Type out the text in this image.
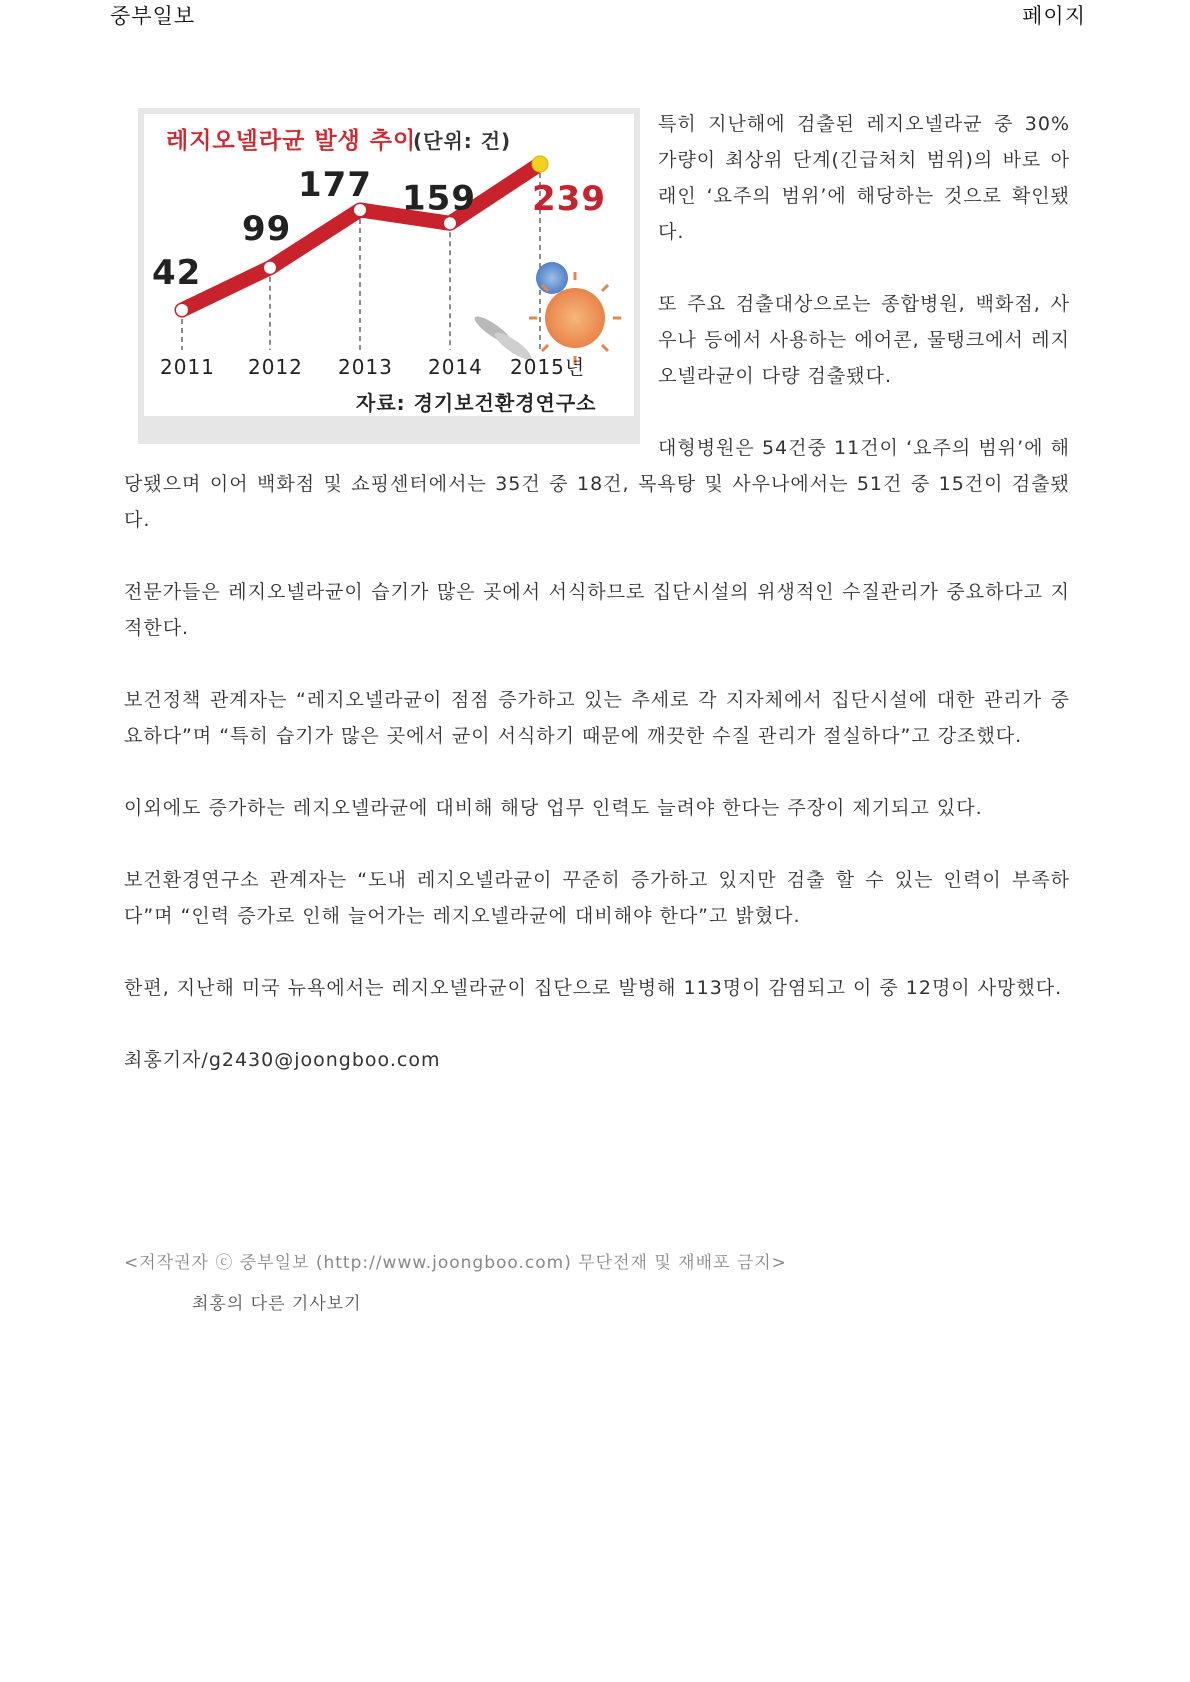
중부일보	페이지
레지오넬라균 발생 추이
(단위: 건)
42
99
177 159 239
2011 2012 2013 2014 2015년
자료: 경기보건환경연구소

특히 지난해에 검출된 레지오넬라균 중 30% 가량이 최상위 단계(긴급처치 범위)의 바로 아래인 ‘요주의 범위’에 해당하는 것으로 확인됐다.

또 주요 검출대상으로는 종합병원, 백화점, 사우나 등에서 사용하는 에어콘, 물탱크에서 레지오넬라균이 다량 검출됐다.

대형병원은 54건중 11건이 ‘요주의 범위’에 해당됐으며 이어 백화점 및 쇼핑센터에서는 35건 중 18건, 목욕탕 및 사우나에서는 51건 중 15건이 검출됐다.

전문가들은 레지오넬라균이 습기가 많은 곳에서 서식하므로 집단시설의 위생적인 수질관리가 중요하다고 지적한다.

보건정책 관계자는 “레지오넬라균이 점점 증가하고 있는 추세로 각 지자체에서 집단시설에 대한 관리가 중요하다”며 “특히 습기가 많은 곳에서 균이 서식하기 때문에 깨끗한 수질 관리가 절실하다”고 강조했다.

이외에도 증가하는 레지오넬라균에 대비해 해당 업무 인력도 늘려야 한다는 주장이 제기되고 있다.

보건환경연구소 관계자는 “도내 레지오넬라균이 꾸준히 증가하고 있지만 검출 할 수 있는 인력이 부족하다”며 “인력 증가로 인해 늘어가는 레지오넬라균에 대비해야 한다”고 밝혔다.

한편, 지난해 미국 뉴욕에서는 레지오넬라균이 집단으로 발병해 113명이 감염되고 이 중 12명이 사망했다.

최홍기자/g2430@joongboo.com

<저작권자 ⓒ 중부일보 (http://www.joongboo.com) 무단전재 및 재배포 금지>
최홍의 다른 기사보기
